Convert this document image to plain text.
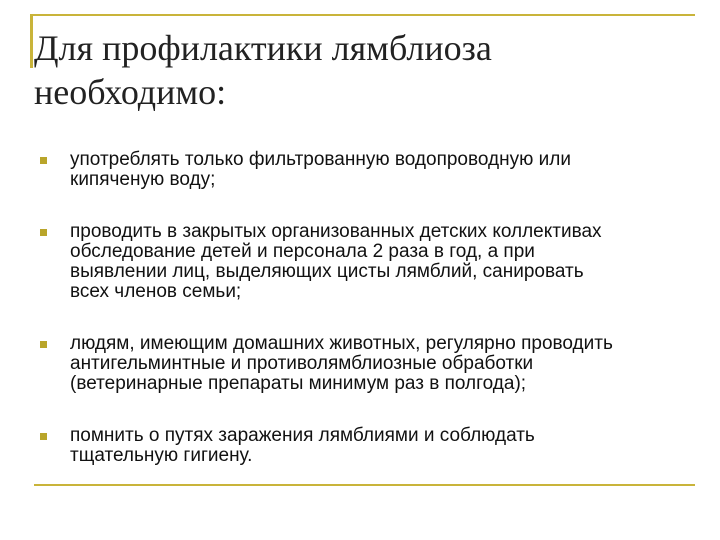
Для профилактики лямблиоза
необходимо:
употреблять только фильтрованную водопроводную или
кипяченую воду;
проводить в закрытых организованных детских коллективах
обследование детей и персонала 2 раза в год, а при
выявлении лиц, выделяющих цисты лямблий, санировать
всех членов семьи;
людям, имеющим домашних животных, регулярно проводить
антигельминтные и противолямблиозные обработки
(ветеринарные препараты минимум раз в полгода);
помнить о путях заражения лямблиями и соблюдать
тщательную гигиену.
